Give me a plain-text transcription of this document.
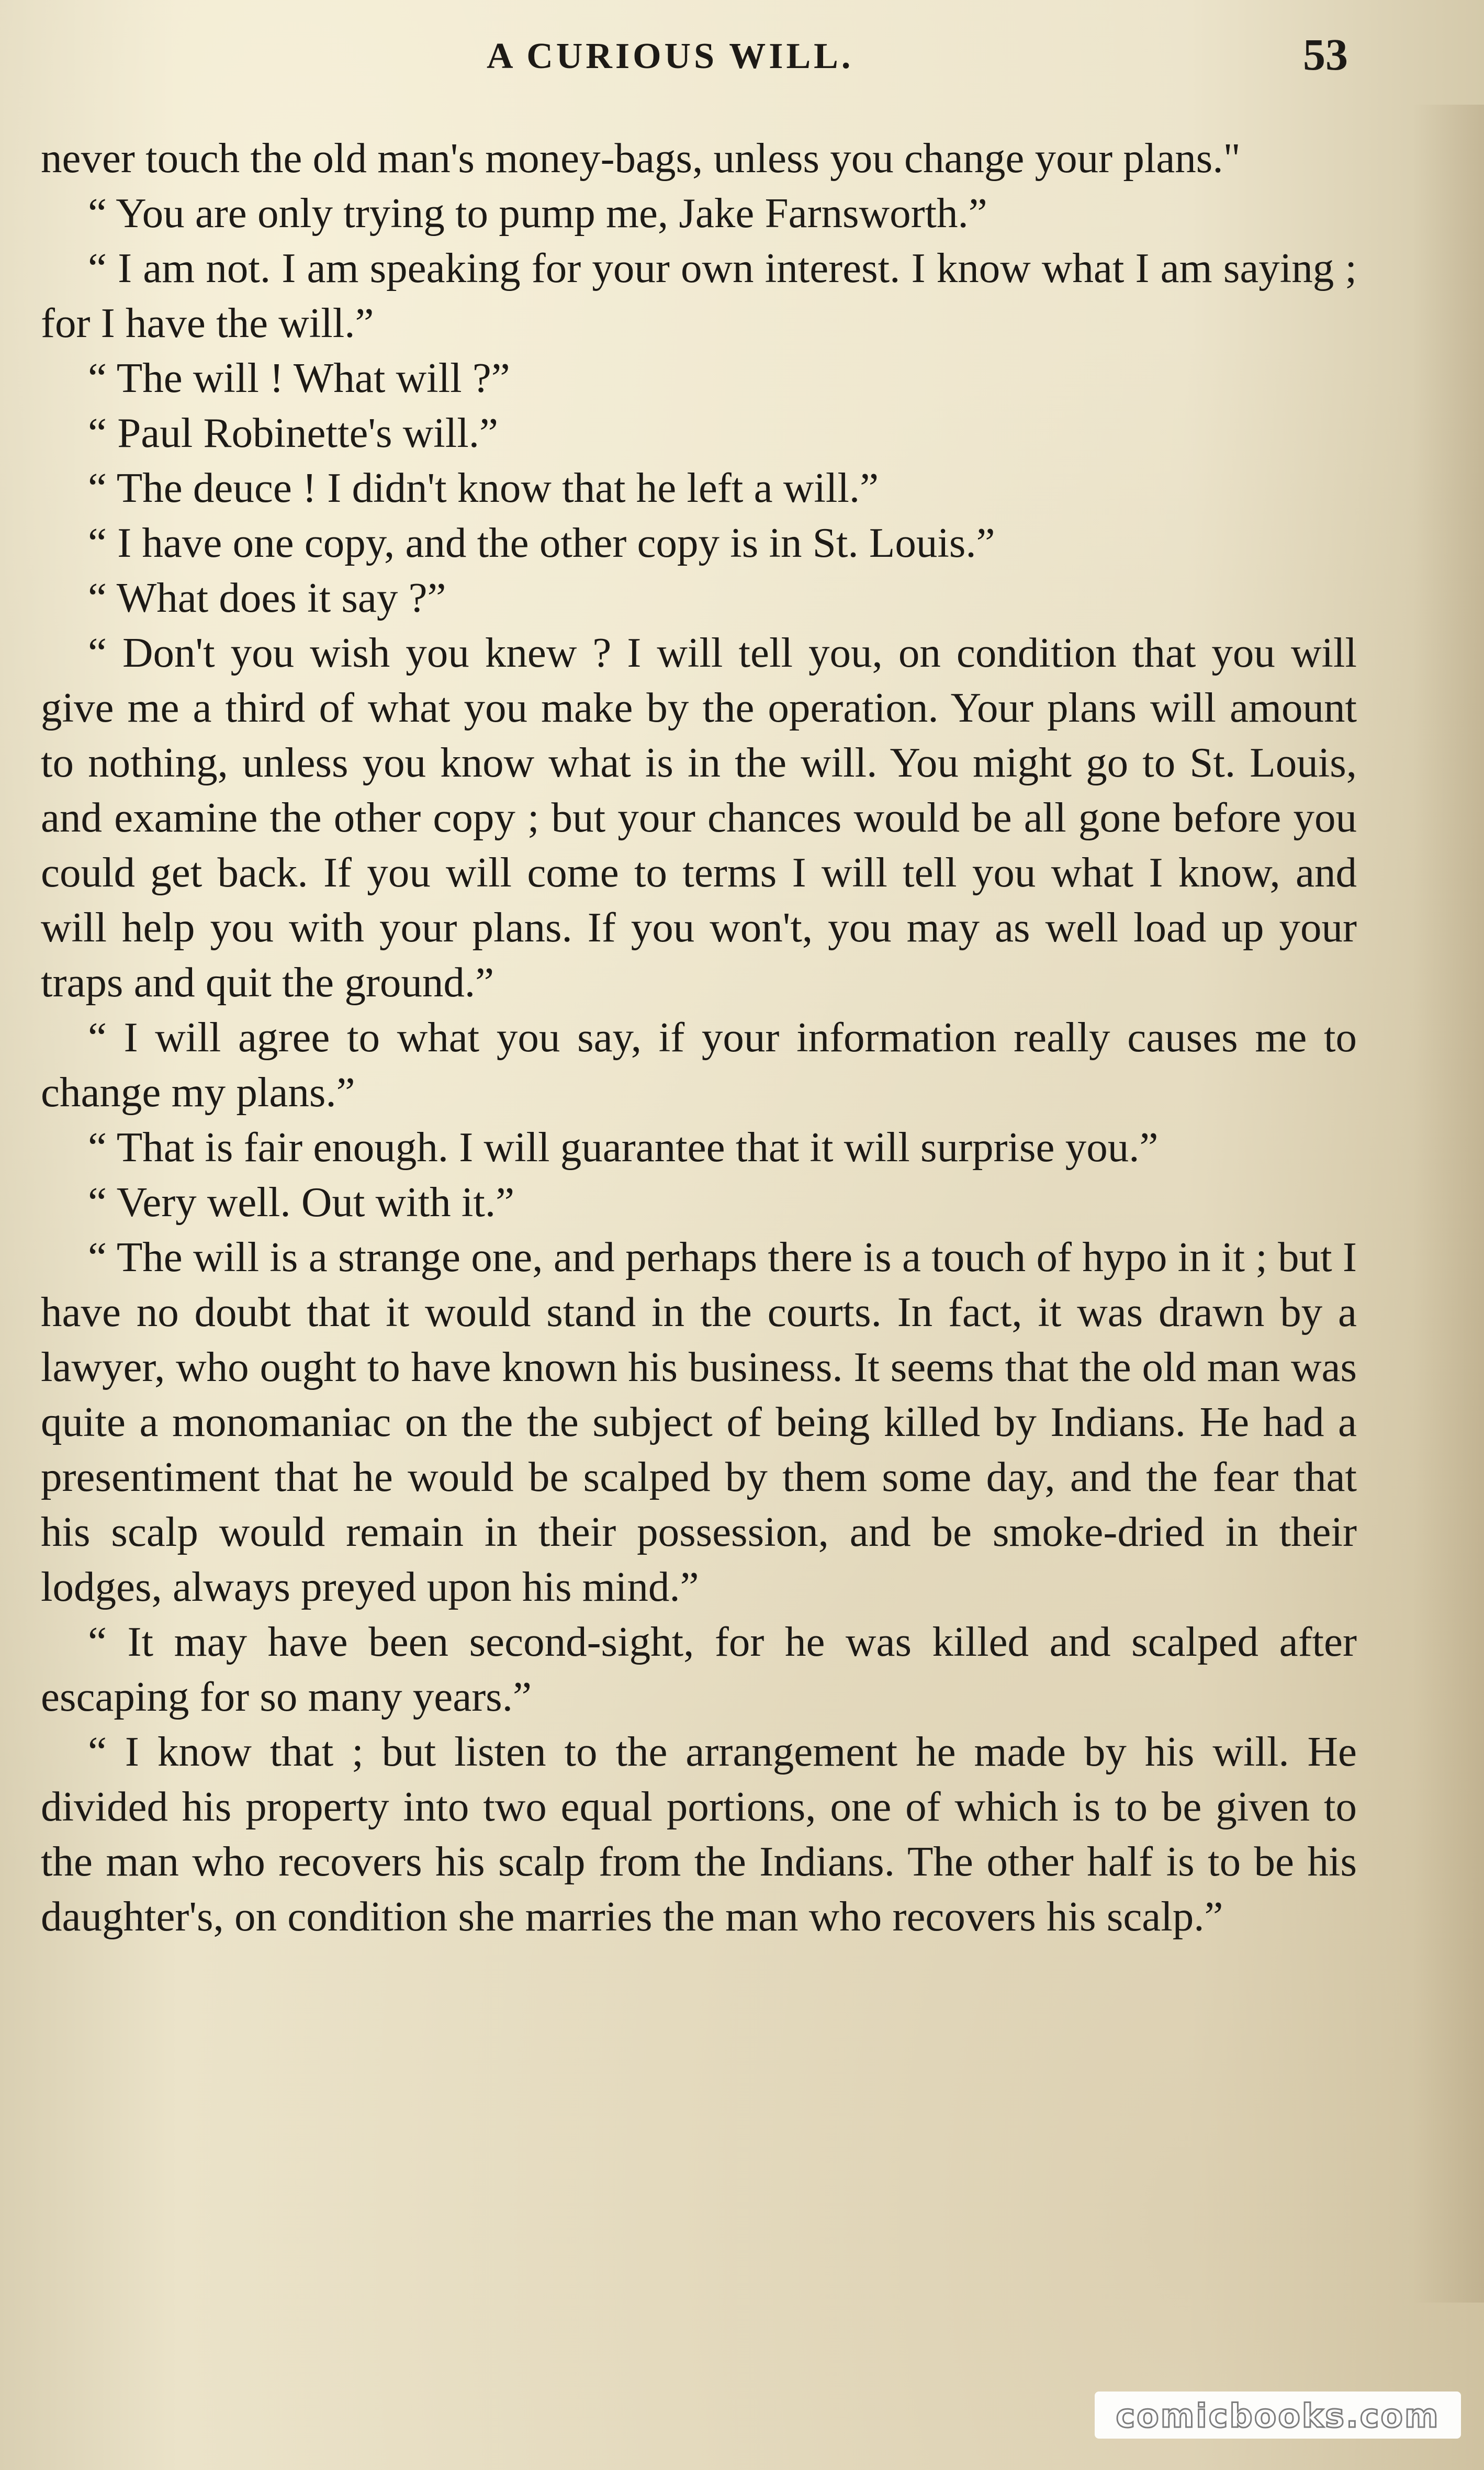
A CURIOUS WILL.	53

never touch the old man's money-bags, unless you change your plans."

“ You are only trying to pump me, Jake Farnsworth.”

“ I am not. I am speaking for your own interest. I know what I am saying ; for I have the will.”

“ The will ! What will ?”

“ Paul Robinette's will.”

“ The deuce ! I didn't know that he left a will.”

“ I have one copy, and the other copy is in St. Louis.”

“ What does it say ?”

“ Don't you wish you knew ? I will tell you, on condition that you will give me a third of what you make by the operation. Your plans will amount to nothing, unless you know what is in the will. You might go to St. Louis, and examine the other copy ; but your chances would be all gone before you could get back. If you will come to terms I will tell you what I know, and will help you with your plans. If you won't, you may as well load up your traps and quit the ground.”

“ I will agree to what you say, if your information really causes me to change my plans.”

“ That is fair enough. I will guarantee that it will surprise you.”

“ Very well. Out with it.”

“ The will is a strange one, and perhaps there is a touch of hypo in it ; but I have no doubt that it would stand in the courts. In fact, it was drawn by a lawyer, who ought to have known his business. It seems that the old man was quite a monomaniac on the the subject of being killed by Indians. He had a presentiment that he would be scalped by them some day, and the fear that his scalp would remain in their possession, and be smoke-dried in their lodges, always preyed upon his mind.”

“ It may have been second-sight, for he was killed and scalped after escaping for so many years.”

“ I know that ; but listen to the arrangement he made by his will. He divided his property into two equal portions, one of which is to be given to the man who recovers his scalp from the Indians. The other half is to be his daughter's, on condition she marries the man who recovers his scalp.”

comicbooks.com
